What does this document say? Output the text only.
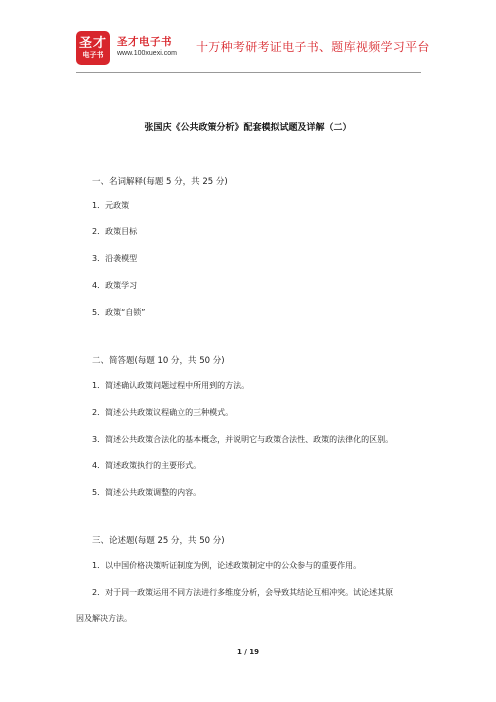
圣才
电子书
圣才电子书
www.100xuexi.com 十万种考研考证电子书、题库视频学习平台
张国庆《公共政策分析》配套模拟试题及详解（二）
一、名词解释(每题 5 分，共 25 分)
1．元政策
2．政策目标
3．沿袭模型
4．政策学习
5．政策“自锁”
二、简答题(每题 10 分，共 50 分)
1．简述确认政策问题过程中所用到的方法。
2．简述公共政策议程确立的三种模式。
3．简述公共政策合法化的基本概念，并说明它与政策合法性、政策的法律化的区别。
4．简述政策执行的主要形式。
5．简述公共政策调整的内容。
三、论述题(每题 25 分，共 50 分)
1．以中国价格决策听证制度为例，论述政策制定中的公众参与的重要作用。
2．对于同一政策运用不同方法进行多维度分析，会导致其结论互相冲突。试论述其原
因及解决方法。
1 / 19
